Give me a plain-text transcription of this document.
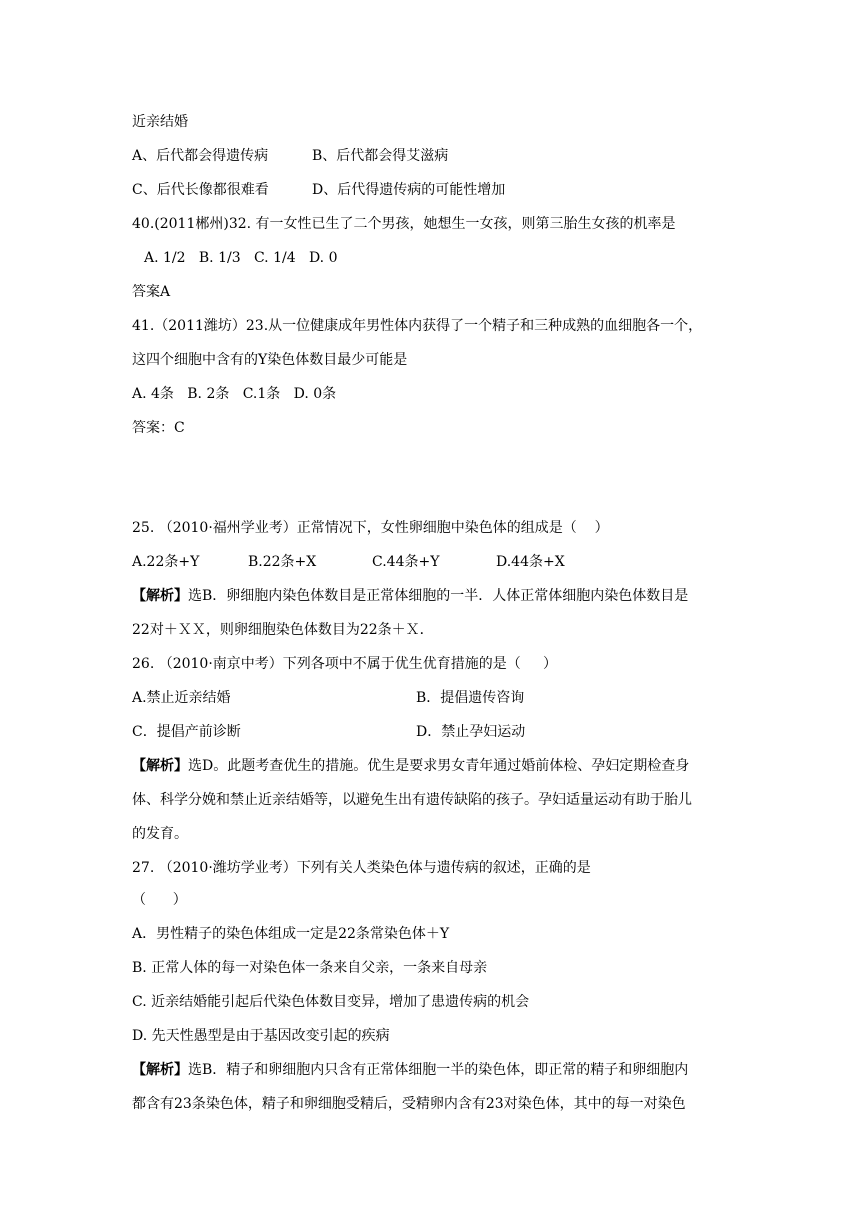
近亲结婚
A、后代都会得遗传病	B、后代都会得艾滋病
C、后代长像都很难看	D、后代得遗传病的可能性增加
40.(2011郴州)32. 有一女性已生了二个男孩，她想生一女孩，则第三胎生女孩的机率是
A. 1/2   B. 1/3   C. 1/4   D. 0
答案A
41.（2011潍坊）23.从一位健康成年男性体内获得了一个精子和三种成熟的血细胞各一个，
这四个细胞中含有的Y染色体数目最少可能是
A. 4条   B. 2条   C.1条   D. 0条
答案：C
25. （2010·福州学业考）正常情况下，女性卵细胞中染色体的组成是（    ）
A.22条+Y	B.22条+X	C.44条+Y	D.44条+X
【解析】选B．卵细胞内染色体数目是正常体细胞的一半．人体正常体细胞内染色体数目是
22对＋ＸＸ，则卵细胞染色体数目为22条＋Ｘ．
26. （2010·南京中考）下列各项中不属于优生优育措施的是（     ）
A.禁止近亲结婚	B．提倡遗传咨询
C．提倡产前诊断	D．禁止孕妇运动
【解析】选D。此题考查优生的措施。优生是要求男女青年通过婚前体检、孕妇定期检查身
体、科学分娩和禁止近亲结婚等，以避免生出有遗传缺陷的孩子。孕妇适量运动有助于胎儿
的发育。
27. （2010·潍坊学业考）下列有关人类染色体与遗传病的叙述，正确的是
（      ）
A．男性精子的染色体组成一定是22条常染色体＋Y
B. 正常人体的每一对染色体一条来自父亲，一条来自母亲
C. 近亲结婚能引起后代染色体数目变异，增加了患遗传病的机会
D. 先天性愚型是由于基因改变引起的疾病
【解析】选B．精子和卵细胞内只含有正常体细胞一半的染色体，即正常的精子和卵细胞内
都含有23条染色体，精子和卵细胞受精后，受精卵内含有23对染色体，其中的每一对染色
